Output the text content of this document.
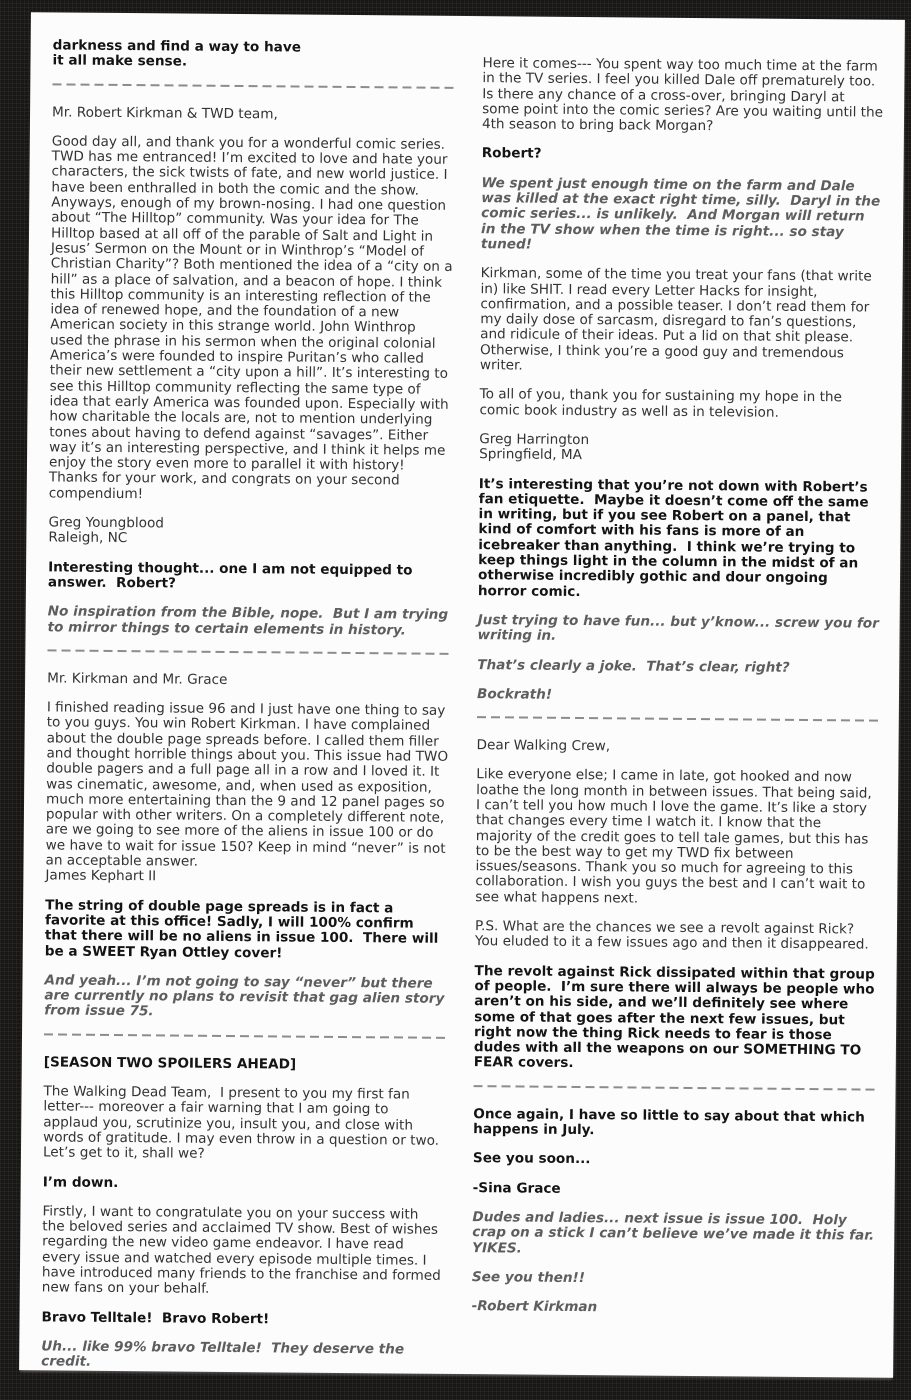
darkness and find a way to have
it all make sense.

Mr. Robert Kirkman & TWD team,

Good day all, and thank you for a wonderful comic series. TWD has me entranced! I’m excited to love and hate your characters, the sick twists of fate, and new world justice. I have been enthralled in both the comic and the show. Anyways, enough of my brown-nosing. I had one question about “The Hilltop” community. Was your idea for The Hilltop based at all off of the parable of Salt and Light in Jesus’ Sermon on the Mount or in Winthrop’s “Model of Christian Charity”? Both mentioned the idea of a “city on a hill” as a place of salvation, and a beacon of hope. I think this Hilltop community is an interesting reflection of the idea of renewed hope, and the foundation of a new American society in this strange world. John Winthrop used the phrase in his sermon when the original colonial America’s were founded to inspire Puritan’s who called their new settlement a “city upon a hill”. It’s interesting to see this Hilltop community reflecting the same type of idea that early America was founded upon. Especially with how charitable the locals are, not to mention underlying tones about having to defend against “savages”. Either way it’s an interesting perspective, and I think it helps me enjoy the story even more to parallel it with history! Thanks for your work, and congrats on your second compendium!

Greg Youngblood
Raleigh, NC

Interesting thought... one I am not equipped to answer.  Robert?

No inspiration from the Bible, nope.  But I am trying to mirror things to certain elements in history.

Mr. Kirkman and Mr. Grace

I finished reading issue 96 and I just have one thing to say to you guys. You win Robert Kirkman. I have complained about the double page spreads before. I called them filler and thought horrible things about you. This issue had TWO double pagers and a full page all in a row and I loved it. It was cinematic, awesome, and, when used as exposition, much more entertaining than the 9 and 12 panel pages so popular with other writers. On a completely different note, are we going to see more of the aliens in issue 100 or do we have to wait for issue 150? Keep in mind “never” is not an acceptable answer.
James Kephart II

The string of double page spreads is in fact a favorite at this office! Sadly, I will 100% confirm that there will be no aliens in issue 100.  There will be a SWEET Ryan Ottley cover!

And yeah... I’m not going to say “never” but there are currently no plans to revisit that gag alien story from issue 75.

[SEASON TWO SPOILERS AHEAD]

The Walking Dead Team,  I present to you my first fan letter--- moreover a fair warning that I am going to applaud you, scrutinize you, insult you, and close with words of gratitude. I may even throw in a question or two. Let’s get to it, shall we?

I’m down.

Firstly, I want to congratulate you on your success with the beloved series and acclaimed TV show. Best of wishes regarding the new video game endeavor. I have read every issue and watched every episode multiple times. I have introduced many friends to the franchise and formed new fans on your behalf.

Bravo Telltale!  Bravo Robert!

Uh... like 99% bravo Telltale!  They deserve the credit.

Here it comes--- You spent way too much time at the farm in the TV series. I feel you killed Dale off prematurely too. Is there any chance of a cross-over, bringing Daryl at some point into the comic series? Are you waiting until the 4th season to bring back Morgan?

Robert?

We spent just enough time on the farm and Dale was killed at the exact right time, silly.  Daryl in the comic series... is unlikely.  And Morgan will return in the TV show when the time is right... so stay tuned!

Kirkman, some of the time you treat your fans (that write in) like SHIT. I read every Letter Hacks for insight, confirmation, and a possible teaser. I don’t read them for my daily dose of sarcasm, disregard to fan’s questions, and ridicule of their ideas. Put a lid on that shit please. Otherwise, I think you’re a good guy and tremendous writer.

To all of you, thank you for sustaining my hope in the comic book industry as well as in television.

Greg Harrington
Springfield, MA

It’s interesting that you’re not down with Robert’s fan etiquette.  Maybe it doesn’t come off the same in writing, but if you see Robert on a panel, that kind of comfort with his fans is more of an icebreaker than anything.  I think we’re trying to keep things light in the column in the midst of an otherwise incredibly gothic and dour ongoing horror comic.

Just trying to have fun... but y’know... screw you for writing in.

That’s clearly a joke.  That’s clear, right?

Bockrath!

Dear Walking Crew,

Like everyone else; I came in late, got hooked and now loathe the long month in between issues. That being said, I can’t tell you how much I love the game. It’s like a story that changes every time I watch it. I know that the majority of the credit goes to tell tale games, but this has to be the best way to get my TWD fix between issues/seasons. Thank you so much for agreeing to this collaboration. I wish you guys the best and I can’t wait to see what happens next.

P.S. What are the chances we see a revolt against Rick? You eluded to it a few issues ago and then it disappeared.

The revolt against Rick dissipated within that group of people.  I’m sure there will always be people who aren’t on his side, and we’ll definitely see where some of that goes after the next few issues, but right now the thing Rick needs to fear is those dudes with all the weapons on our SOMETHING TO FEAR covers.

Once again, I have so little to say about that which happens in July.

See you soon...

-Sina Grace

Dudes and ladies... next issue is issue 100.  Holy crap on a stick I can’t believe we’ve made it this far.  YIKES.

See you then!!

-Robert Kirkman
